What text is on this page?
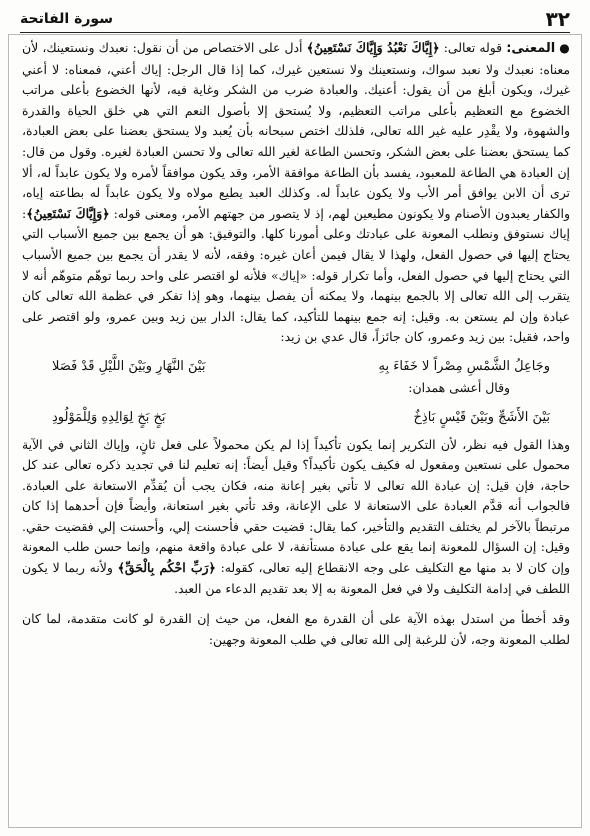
٣٢
سورة الفاتحة

●المعنى: قوله تعالى: ﴿إِيَّاكَ نَعْبُدُ وَإِيَّاكَ نَسْتَعِينُ﴾ أدل على الاختصاص من أن نقول: نعبدك ونستعينك، لأن معناه: نعبدك ولا نعبد سواك، ونستعينك ولا نستعين غيرك، كما إذا قال الرجل: إياك أعني، فمعناه: لا أعني غيرك، ويكون أبلغ من أن يقول: أعنيك. والعبادة ضرب من الشكر وغاية فيه، لأنها الخضوع بأعلى مراتب الخضوع مع التعظيم بأعلى مراتب التعظيم، ولا يُستحق إلا بأصول النعم التي هي خلق الحياة والقدرة والشهوة، ولا يقْدِر عليه غير الله تعالى، فلذلك اختص سبحانه بأن يُعبد ولا يستحق بعضنا على بعض العبادة، كما يستحق بعضنا على بعض الشكر، وتحسن الطاعة لغير الله تعالى ولا تحسن العبادة لغيره. وقول من قال: إن العبادة هي الطاعة للمعبود، يفسد بأن الطاعة موافقة الأمر، وقد يكون موافقاً لأمره ولا يكون عابداً له، ألا ترى أن الابن يوافق أمر الأب ولا يكون عابداً له. وكذلك العبد يطيع مولاه ولا يكون عابداً له بطاعته إياه، والكفار يعبدون الأصنام ولا يكونون مطيعين لهم، إذ لا يتصور من جهتهم الأمر، ومعنى قوله: ﴿وَإِيَّاكَ نَسْتَعِينُ﴾: إياك نستوفق ونطلب المعونة على عبادتك وعلى أمورنا كلها. والتوفيق: هو أن يجمع بين جميع الأسباب التي يحتاج إليها في حصول الفعل، ولهذا لا يقال فيمن أعان غيره: وفقه، لأنه لا يقدر أن يجمع بين جميع الأسباب التي يحتاج إليها في حصول الفعل، وأما تكرار قوله: «إياك» فلأنه لو اقتصر على واحد ربما توهّم متوهّم أنه لا يتقرب إلى الله تعالى إلا بالجمع بينهما، ولا يمكنه أن يفصل بينهما، وهو إذا تفكر في عظمة الله تعالى كان عبادة وإن لم يستعن به. وقيل: إنه جمع بينهما للتأكيد، كما يقال: الدار بين زيد وبين عمرو، ولو اقتصر على واحد، فقيل: بين زيد وعمرو، كان جائزاً، قال عدي بن زيد:

وجَاعِلُ الشَّمْسِ مِصْراً لا خَفَاءَ بِهِ
بَيْنَ النَّهَارِ وبَيْنَ اللَّيْلِ قَدْ فَصَلا

وقال أعشى همدان:

بَيْنَ الأَشَجِّ وبَيْنَ قَيْسٍ بَاذِخٌ
بَخٍ بَخٍ لِوَالِدِهِ وَلِلْمَوْلُودِ

وهذا القول فيه نظر، لأن التكرير إنما يكون تأكيداً إذا لم يكن محمولاً على فعل ثانٍ، وإياك الثاني في الآية محمول على نستعين ومفعول له فكيف يكون تأكيداً؟ وقيل أيضاً: إنه تعليم لنا في تجديد ذكره تعالى عند كل حاجة، فإن قيل: إن عبادة الله تعالى لا تأتي بغير إعانة منه، فكان يجب أن يُقدِّم الاستعانة على العبادة. فالجواب أنه قدَّم العبادة على الاستعانة لا على الإعانة، وقد تأتي بغير استعانة، وأيضاً فإن أحدهما إذا كان مرتبطاً بالآخر لم يختلف التقديم والتأخير، كما يقال: قضيت حقي فأحسنت إلي، وأحسنت إلي فقضيت حقي. وقيل: إن السؤال للمعونة إنما يقع على عبادة مستأنفة، لا على عبادة واقعة منهم، وإنما حسن طلب المعونة وإن كان لا بد منها مع التكليف على وجه الانقطاع إليه تعالى، كقوله: ﴿رَبِّ احْكُم بِالْحَقِّ﴾ ولأنه ربما لا يكون اللطف في إدامة التكليف ولا في فعل المعونة به إلا بعد تقديم الدعاء من العبد.

وقد أخطأ من استدل بهذه الآية على أن القدرة مع الفعل، من حيث إن القدرة لو كانت متقدمة، لما كان لطلب المعونة وجه، لأن للرغبة إلى الله تعالى في طلب المعونة وجهين:
